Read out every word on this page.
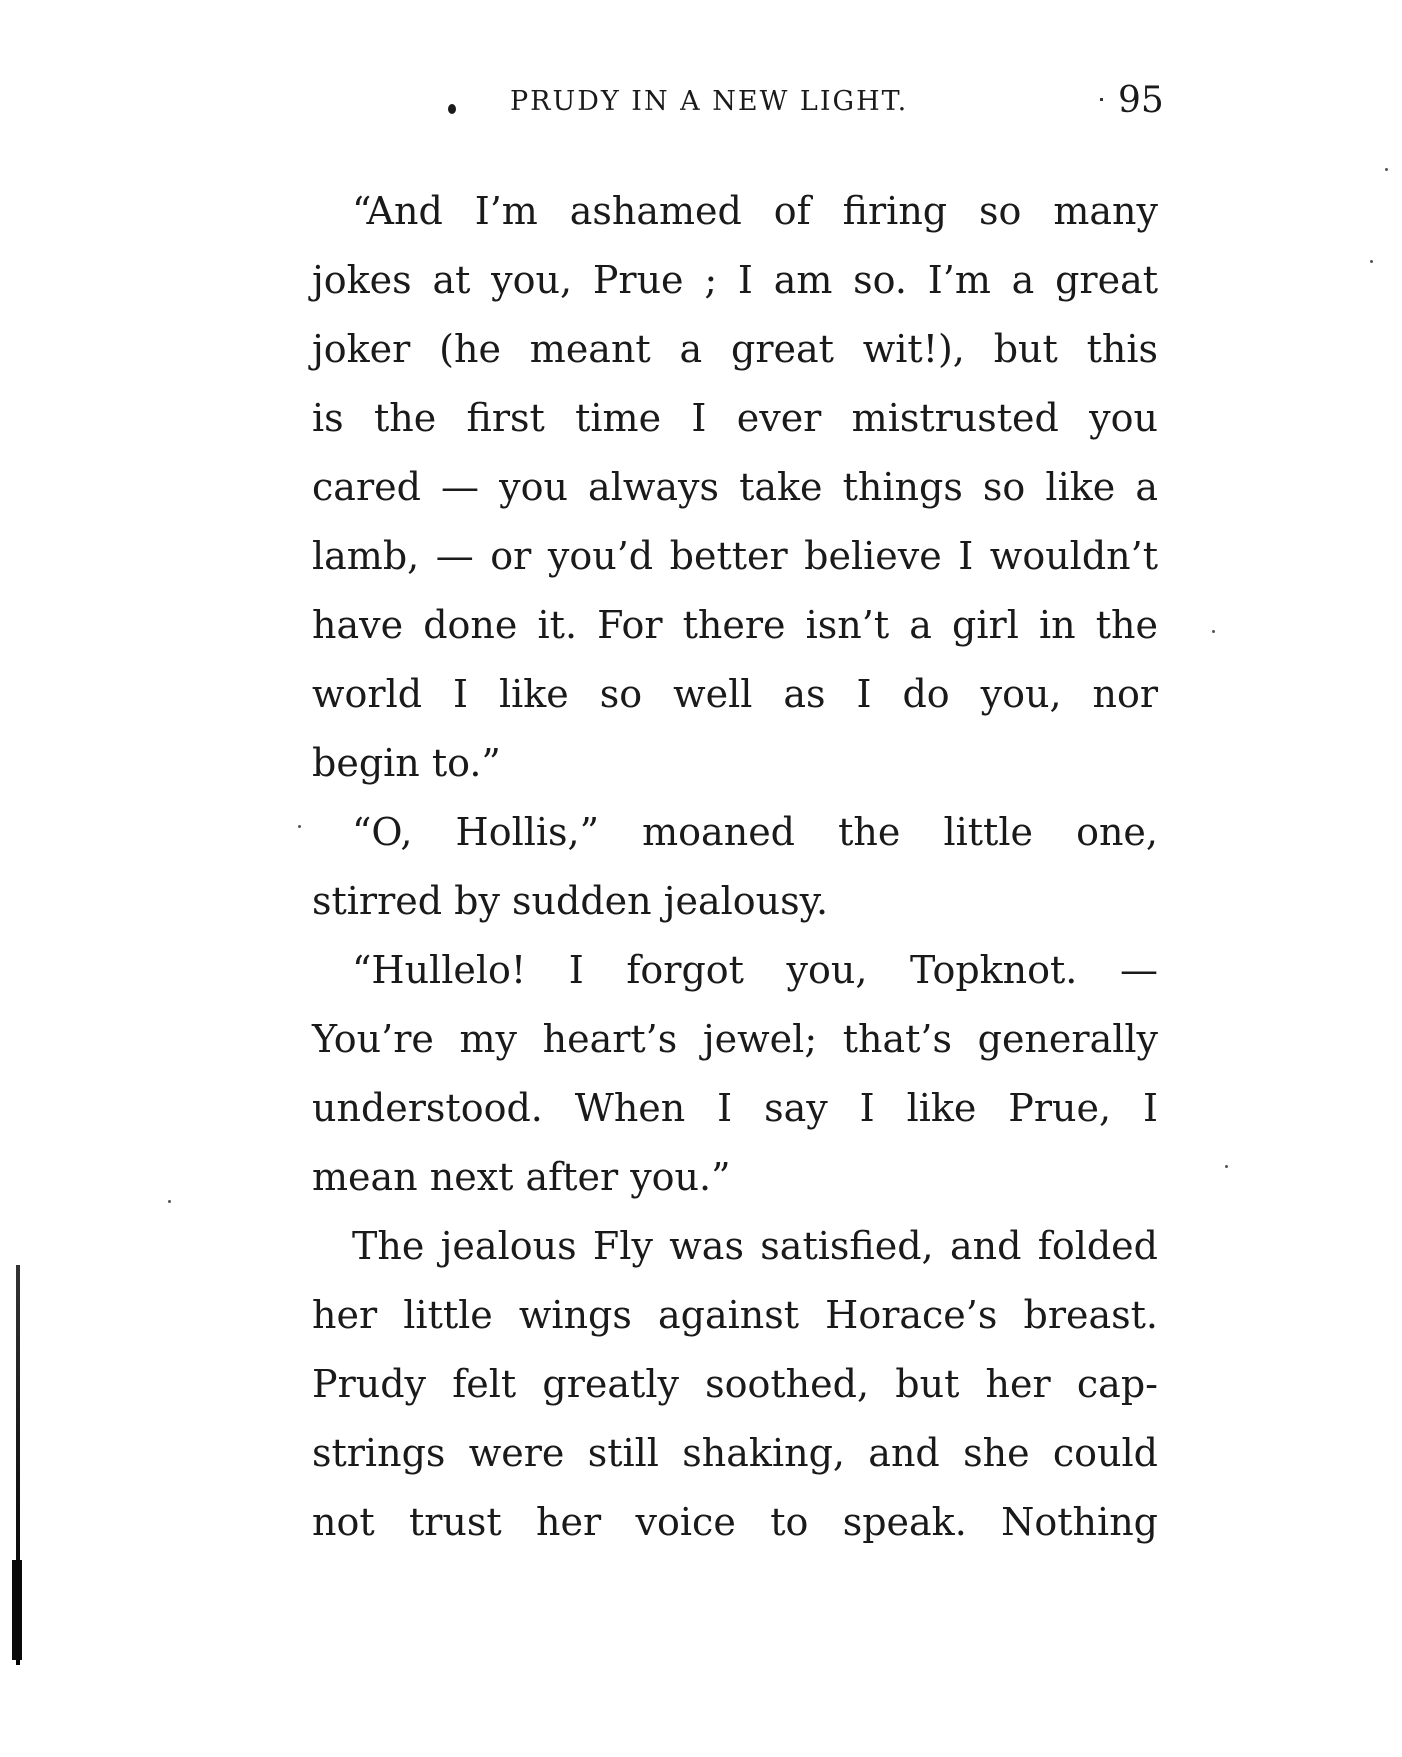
PRUDY IN A NEW LIGHT.	95
“And I’m ashamed of firing so many
jokes at you, Prue ; I am so. I’m a great
joker (he meant a great wit!), but this
is the first time I ever mistrusted you
cared — you always take things so like a
lamb, — or you’d better believe I wouldn’t
have done it. For there isn’t a girl in the
world I like so well as I do you, nor
begin to.”
“O, Hollis,” moaned the little one,
stirred by sudden jealousy.
“Hullelo! I forgot you, Topknot. —
You’re my heart’s jewel; that’s generally
understood. When I say I like Prue, I
mean next after you.”
The jealous Fly was satisfied, and folded
her little wings against Horace’s breast.
Prudy felt greatly soothed, but her cap-
strings were still shaking, and she could
not trust her voice to speak. Nothing
